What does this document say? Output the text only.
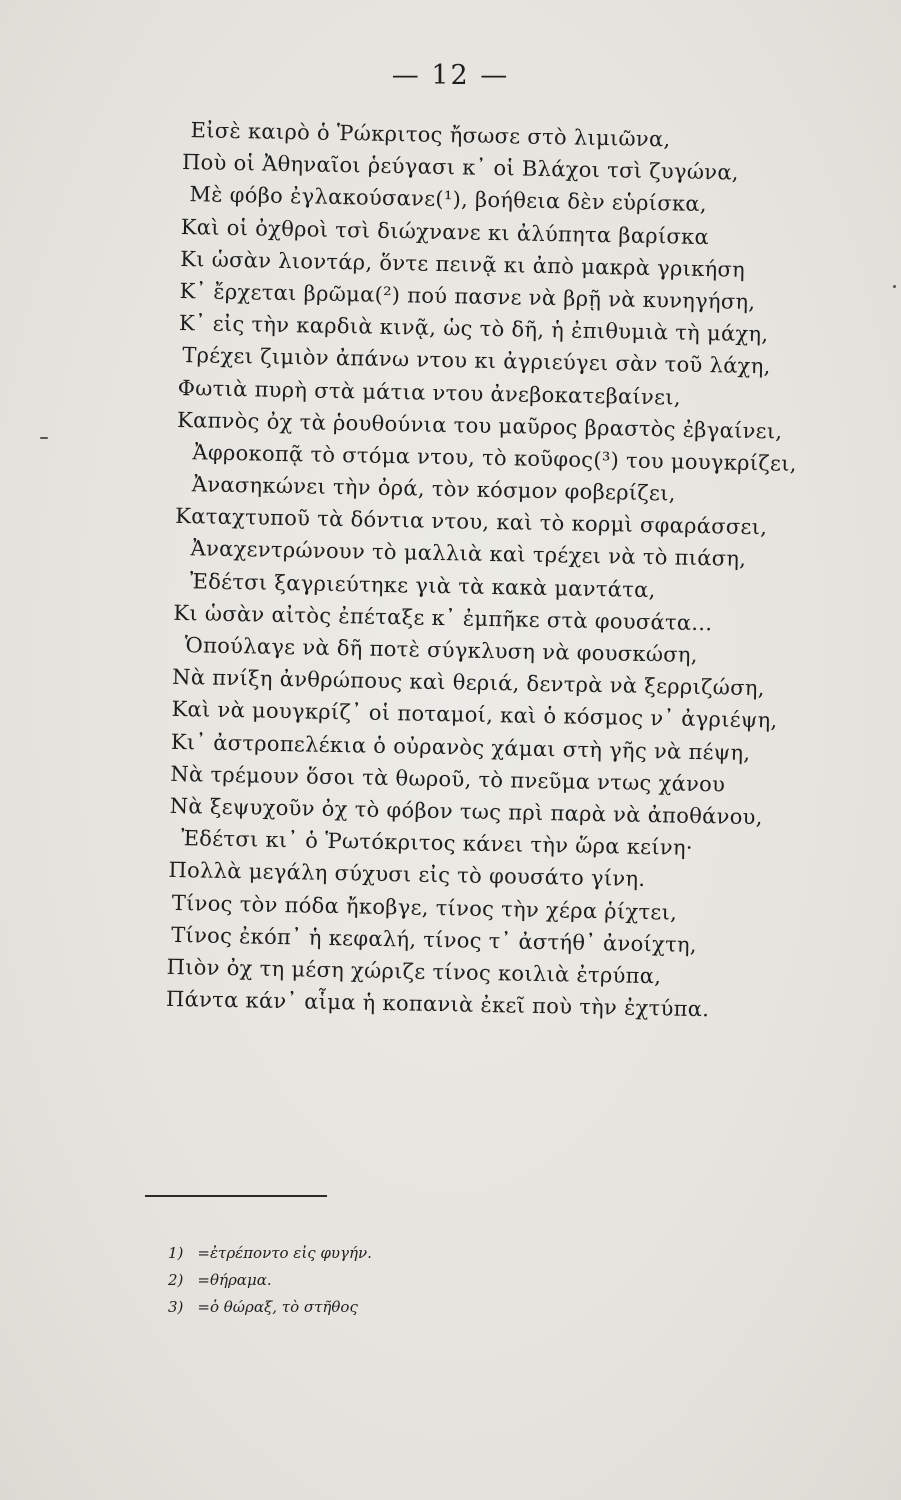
— 12 —
Εἰσὲ καιρὸ ὁ Ῥώκριτος ἤσωσε στὸ λιμιῶνα,
Ποὺ οἱ Ἀθηναῖοι ῥεύγασι κ᾿ οἱ Βλάχοι τσὶ ζυγώνα,
Μὲ φόβο ἐγλακούσανε(¹), βοήθεια δὲν εὑρίσκα,
Καὶ οἱ ὀχθροὶ τσὶ διώχνανε κι ἀλύπητα βαρίσκα
Κι ὡσὰν λιοντάρ, ὅντε πεινᾷ κι ἀπὸ μακρὰ γρικήση
Κ᾿ ἔρχεται βρῶμα(²) πού πασνε νὰ βρῇ νὰ κυνηγήση,
Κ᾿ εἰς τὴν καρδιὰ κινᾷ, ὡς τὸ δῆ, ἡ ἐπιθυμιὰ τὴ μάχη,
Τρέχει ζιμιὸν ἀπάνω ντου κι ἀγριεύγει σὰν τοῦ λάχη,
Φωτιὰ πυρὴ στὰ μάτια ντου ἀνεβοκατεβαίνει,
Καπνὸς ὀχ τὰ ῥουθούνια του μαῦρος βραστὸς ἐβγαίνει,
Ἀφροκοπᾷ τὸ στόμα ντου, τὸ κοῦφος(³) του μουγκρίζει,
Ἀνασηκώνει τὴν ὀρά, τὸν κόσμον φοβερίζει,
Καταχτυποῦ τὰ δόντια ντου, καὶ τὸ κορμὶ σφαράσσει,
Ἀναχεντρώνουν τὸ μαλλιὰ καὶ τρέχει νὰ τὸ πιάση,
Ἐδέτσι ξαγριεύτηκε γιὰ τὰ κακὰ μαντάτα,
Κι ὡσὰν αἰτὸς ἐπέταξε κ᾿ ἐμπῆκε στὰ φουσάτα...
Ὁπούλαγε νὰ δῆ ποτὲ σύγκλυση νὰ φουσκώση,
Νὰ πνίξη ἀνθρώπους καὶ θεριά, δεντρὰ νὰ ξερριζώση,
Καὶ νὰ μουγκρίζ᾿ οἱ ποταμοί, καὶ ὁ κόσμος ν᾿ ἀγριέψη,
Κι᾿ ἀστροπελέκια ὁ οὐρανὸς χάμαι στὴ γῆς νὰ πέψη,
Νὰ τρέμουν ὅσοι τὰ θωροῦ, τὸ πνεῦμα ντως χάνου
Νὰ ξεψυχοῦν ὀχ τὸ φόβον τως πρὶ παρὰ νὰ ἀποθάνου,
Ἐδέτσι κι᾿ ὁ Ῥωτόκριτος κάνει τὴν ὥρα κείνη·
Πολλὰ μεγάλη σύχυσι εἰς τὸ φουσάτο γίνη.
Τίνος τὸν πόδα ἤκοβγε, τίνος τὴν χέρα ῥίχτει,
Τίνος ἐκόπ᾿ ἡ κεφαλή, τίνος τ᾿ ἀστήθ᾿ ἀνοίχτη,
Πιὸν ὀχ τη μέση χώριζε τίνος κοιλιὰ ἐτρύπα,
Πάντα κάν᾿ αἷμα ἡ κοπανιὰ ἐκεῖ ποὺ τὴν ἐχτύπα.
1) =ἐτρέποντο εἰς φυγήν.
2) =θήραμα.
3) =ὁ θώραξ, τὸ στῆθος
